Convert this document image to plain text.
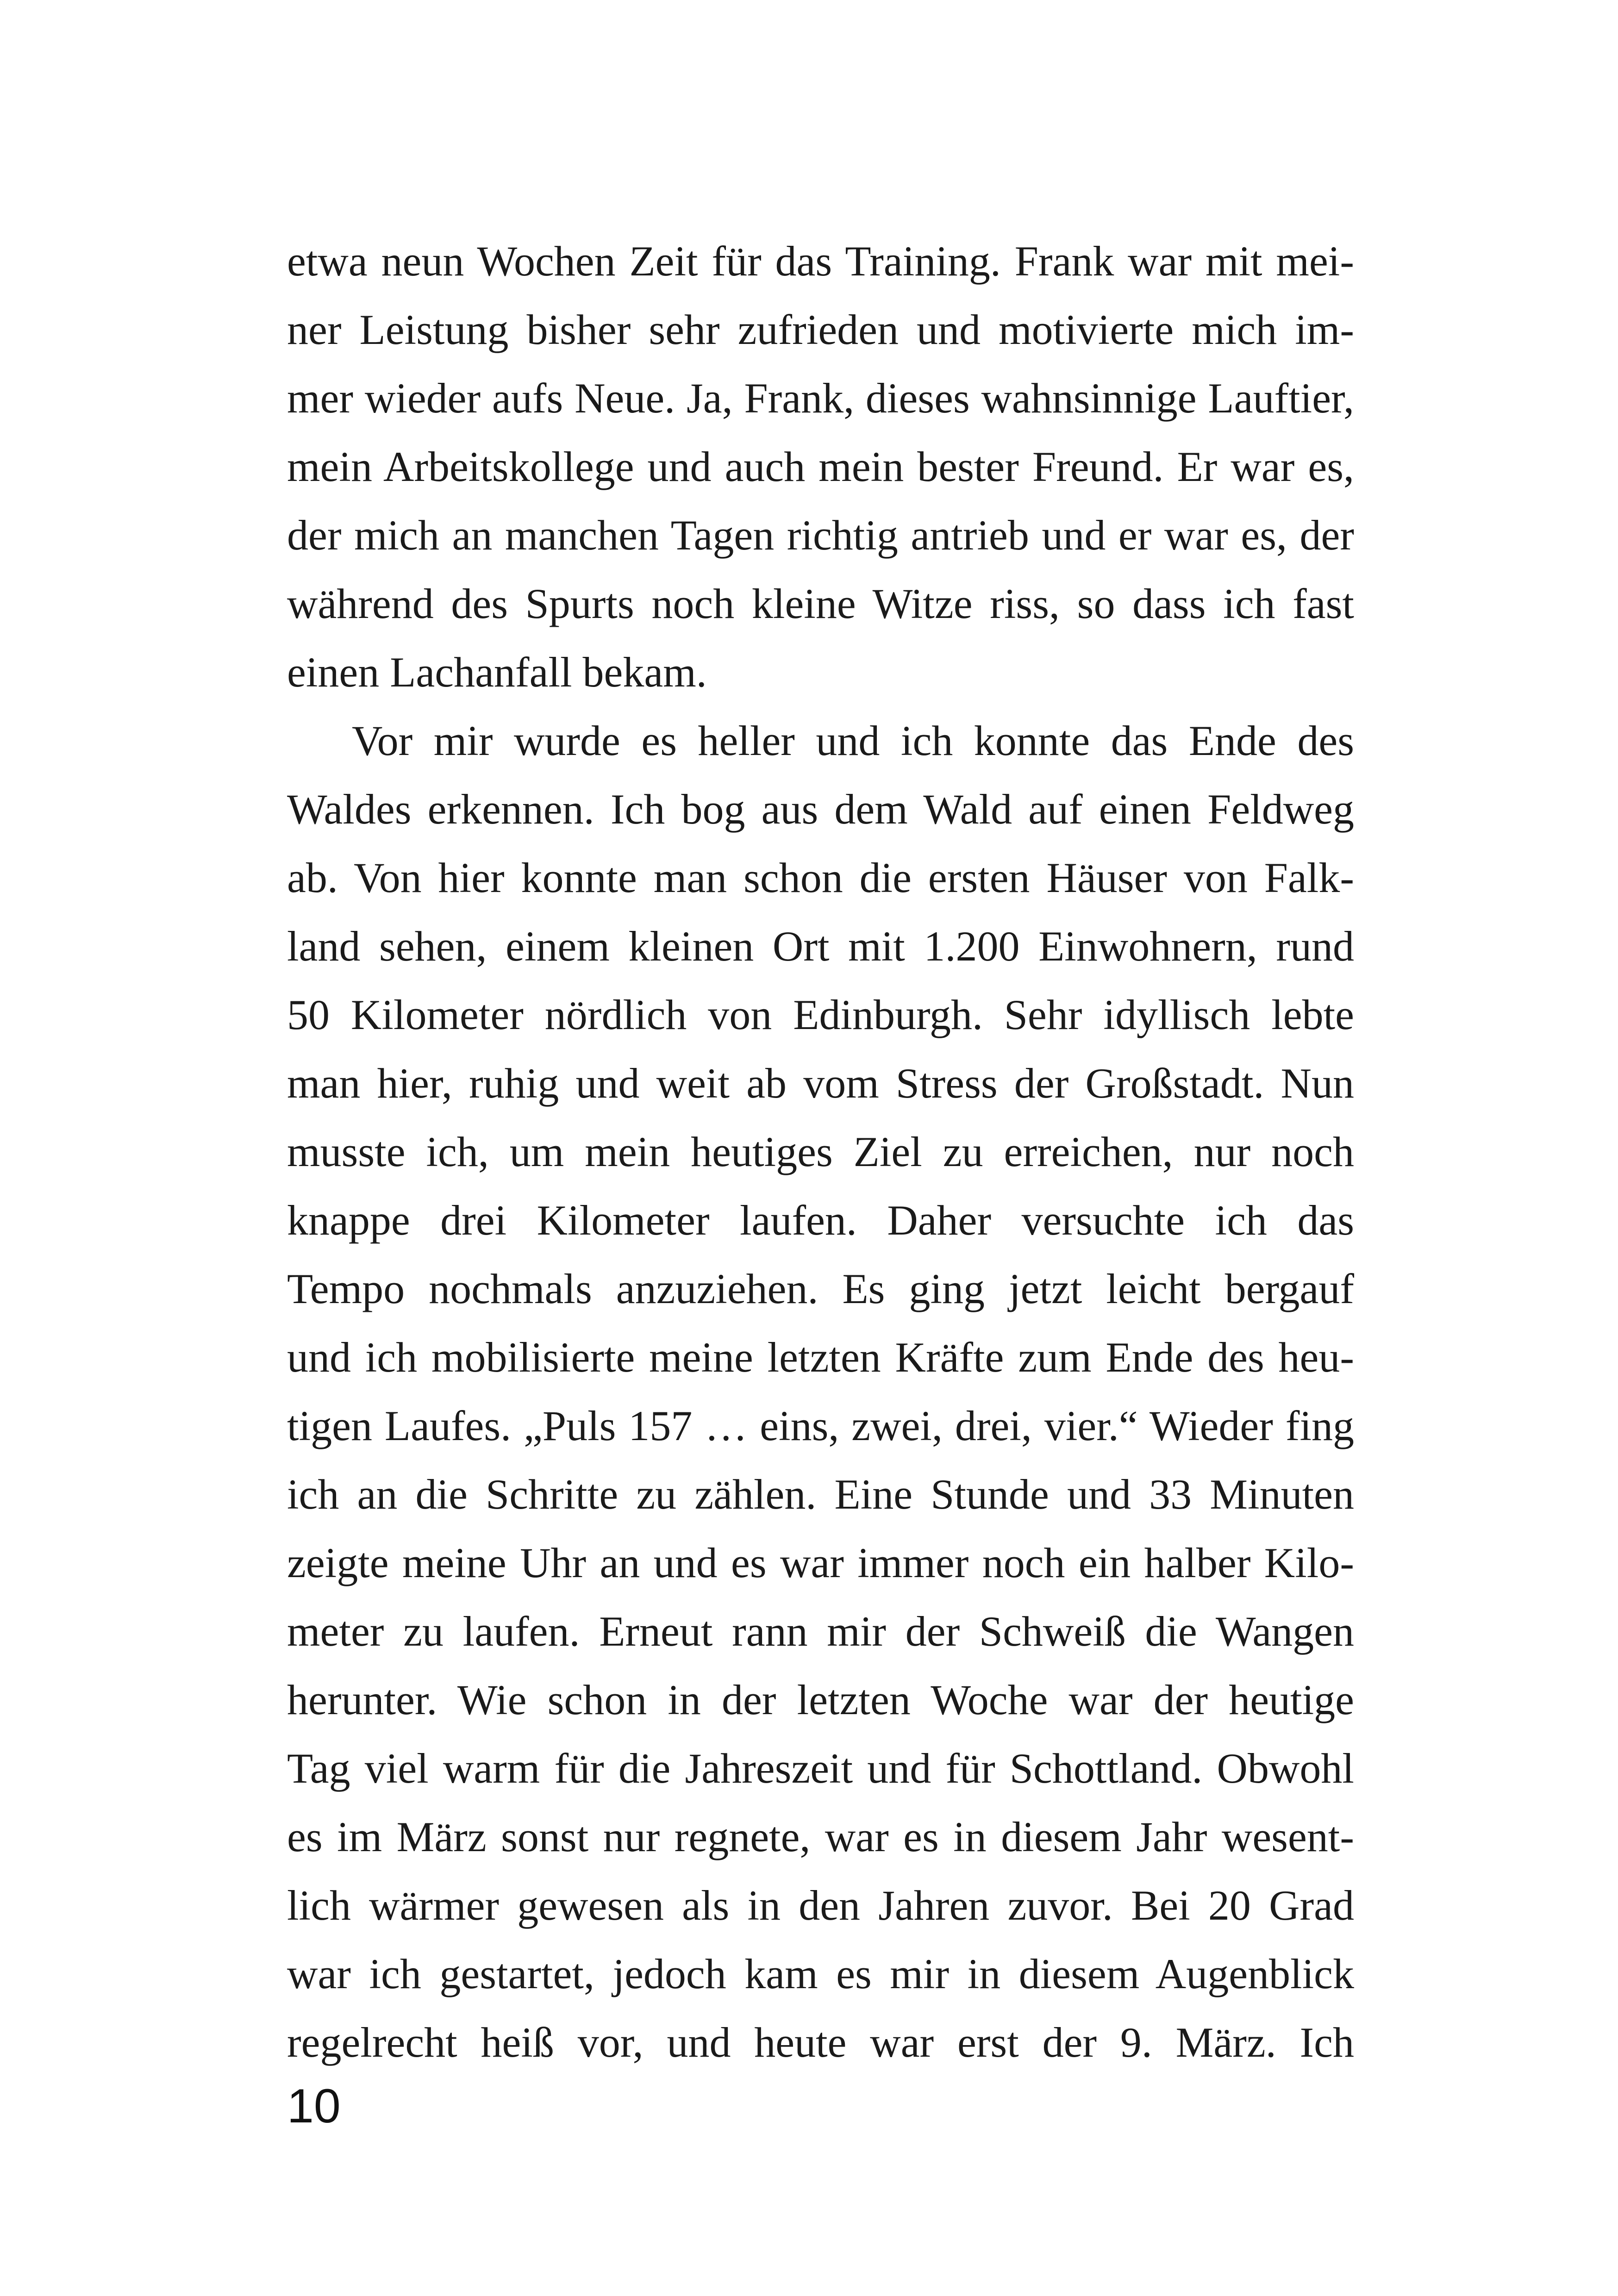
etwa neun Wochen Zeit für das Training. Frank war mit mei-
ner Leistung bisher sehr zufrieden und motivierte mich im-
mer wieder aufs Neue. Ja, Frank, dieses wahnsinnige Lauftier,
mein Arbeitskollege und auch mein bester Freund. Er war es,
der mich an manchen Tagen richtig antrieb und er war es, der
während des Spurts noch kleine Witze riss, so dass ich fast
einen Lachanfall bekam.
Vor mir wurde es heller und ich konnte das Ende des
Waldes erkennen. Ich bog aus dem Wald auf einen Feldweg
ab. Von hier konnte man schon die ersten Häuser von Falk-
land sehen, einem kleinen Ort mit 1.200 Einwohnern, rund
50 Kilometer nördlich von Edinburgh. Sehr idyllisch lebte
man hier, ruhig und weit ab vom Stress der Großstadt. Nun
musste ich, um mein heutiges Ziel zu erreichen, nur noch
knappe drei Kilometer laufen. Daher versuchte ich das
Tempo nochmals anzuziehen. Es ging jetzt leicht bergauf
und ich mobilisierte meine letzten Kräfte zum Ende des heu-
tigen Laufes. „Puls 157 … eins, zwei, drei, vier.“ Wieder fing
ich an die Schritte zu zählen. Eine Stunde und 33 Minuten
zeigte meine Uhr an und es war immer noch ein halber Kilo-
meter zu laufen. Erneut rann mir der Schweiß die Wangen
herunter. Wie schon in der letzten Woche war der heutige
Tag viel warm für die Jahreszeit und für Schottland. Obwohl
es im März sonst nur regnete, war es in diesem Jahr wesent-
lich wärmer gewesen als in den Jahren zuvor. Bei 20 Grad
war ich gestartet, jedoch kam es mir in diesem Augenblick
regelrecht heiß vor, und heute war erst der 9. März. Ich
10
